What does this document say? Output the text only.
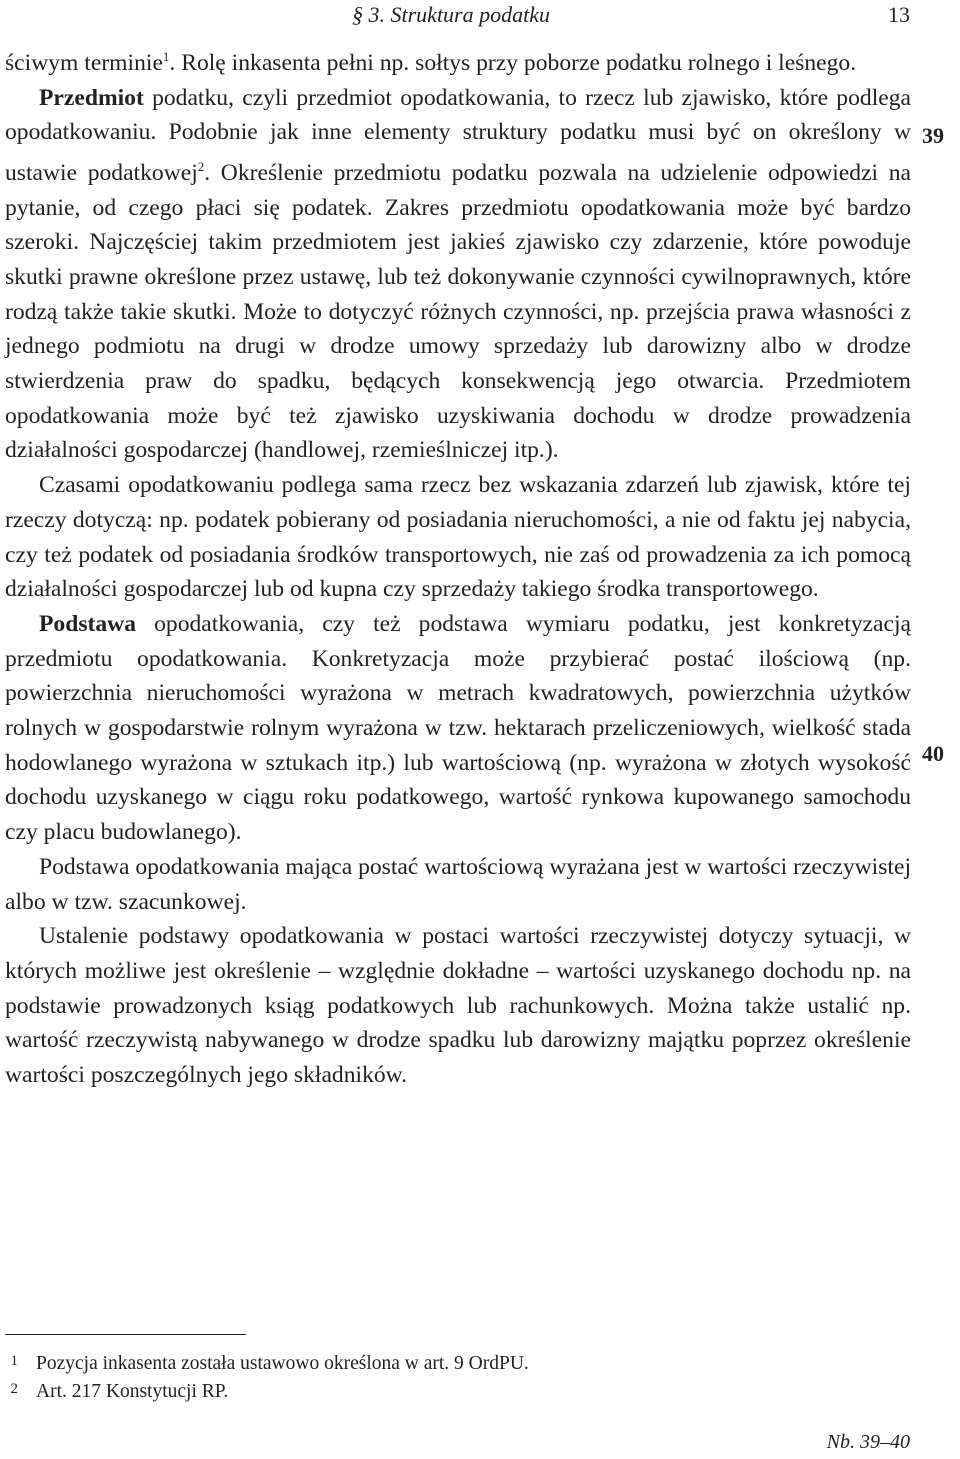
§ 3. Struktura podatku	13

ściwym terminie$^1$. Rolę inkasenta pełni np. sołtys przy poborze podatku rolnego i leśnego.

Przedmiot podatku, czyli przedmiot opodatkowania, to rzecz lub zjawisko, które podlega opodatkowaniu. Podobnie jak inne elementy struktury podatku musi być on określony w ustawie podatkowej$^2$. Określenie przedmiotu podatku pozwala na udzielenie odpowiedzi na pytanie, od czego płaci się podatek. Zakres przedmiotu opodatkowania może być bardzo szeroki. Najczęściej takim przedmiotem jest jakieś zjawisko czy zdarzenie, które powoduje skutki prawne określone przez ustawę, lub też dokonywanie czynności cywilnoprawnych, które rodzą także takie skutki. Może to dotyczyć różnych czynności, np. przejścia prawa własności z jednego podmiotu na drugi w drodze umowy sprzedaży lub darowizny albo w drodze stwierdzenia praw do spadku, będących konsekwencją jego otwarcia. Przedmiotem opodatkowania może być też zjawisko uzyskiwania dochodu w drodze prowadzenia działalności gospodarczej (handlowej, rzemieślniczej itp.).

Czasami opodatkowaniu podlega sama rzecz bez wskazania zdarzeń lub zjawisk, które tej rzeczy dotyczą: np. podatek pobierany od posiadania nieruchomości, a nie od faktu jej nabycia, czy też podatek od posiadania środków transportowych, nie zaś od prowadzenia za ich pomocą działalności gospodarczej lub od kupna czy sprzedaży takiego środka transportowego.

Podstawa opodatkowania, czy też podstawa wymiaru podatku, jest konkretyzacją przedmiotu opodatkowania. Konkretyzacja może przybierać postać ilościową (np. powierzchnia nieruchomości wyrażona w metrach kwadratowych, powierzchnia użytków rolnych w gospodarstwie rolnym wyrażona w tzw. hektarach przeliczeniowych, wielkość stada hodowlanego wyrażona w sztukach itp.) lub wartościową (np. wyrażona w złotych wysokość dochodu uzyskanego w ciągu roku podatkowego, wartość rynkowa kupowanego samochodu czy placu budowlanego).

Podstawa opodatkowania mająca postać wartościową wyrażana jest w wartości rzeczywistej albo w tzw. szacunkowej.

Ustalenie podstawy opodatkowania w postaci wartości rzeczywistej dotyczy sytuacji, w których możliwe jest określenie – względnie dokładne – wartości uzyskanego dochodu np. na podstawie prowadzonych ksiąg podatkowych lub rachunkowych. Można także ustalić np. wartość rzeczywistą nabywanego w drodze spadku lub darowizny majątku poprzez określenie wartości poszczególnych jego składników.

39
40
1 Pozycja inkasenta została ustawowo określona w art. 9 OrdPU.
2 Art. 217 Konstytucji RP.
Nb. 39–40
